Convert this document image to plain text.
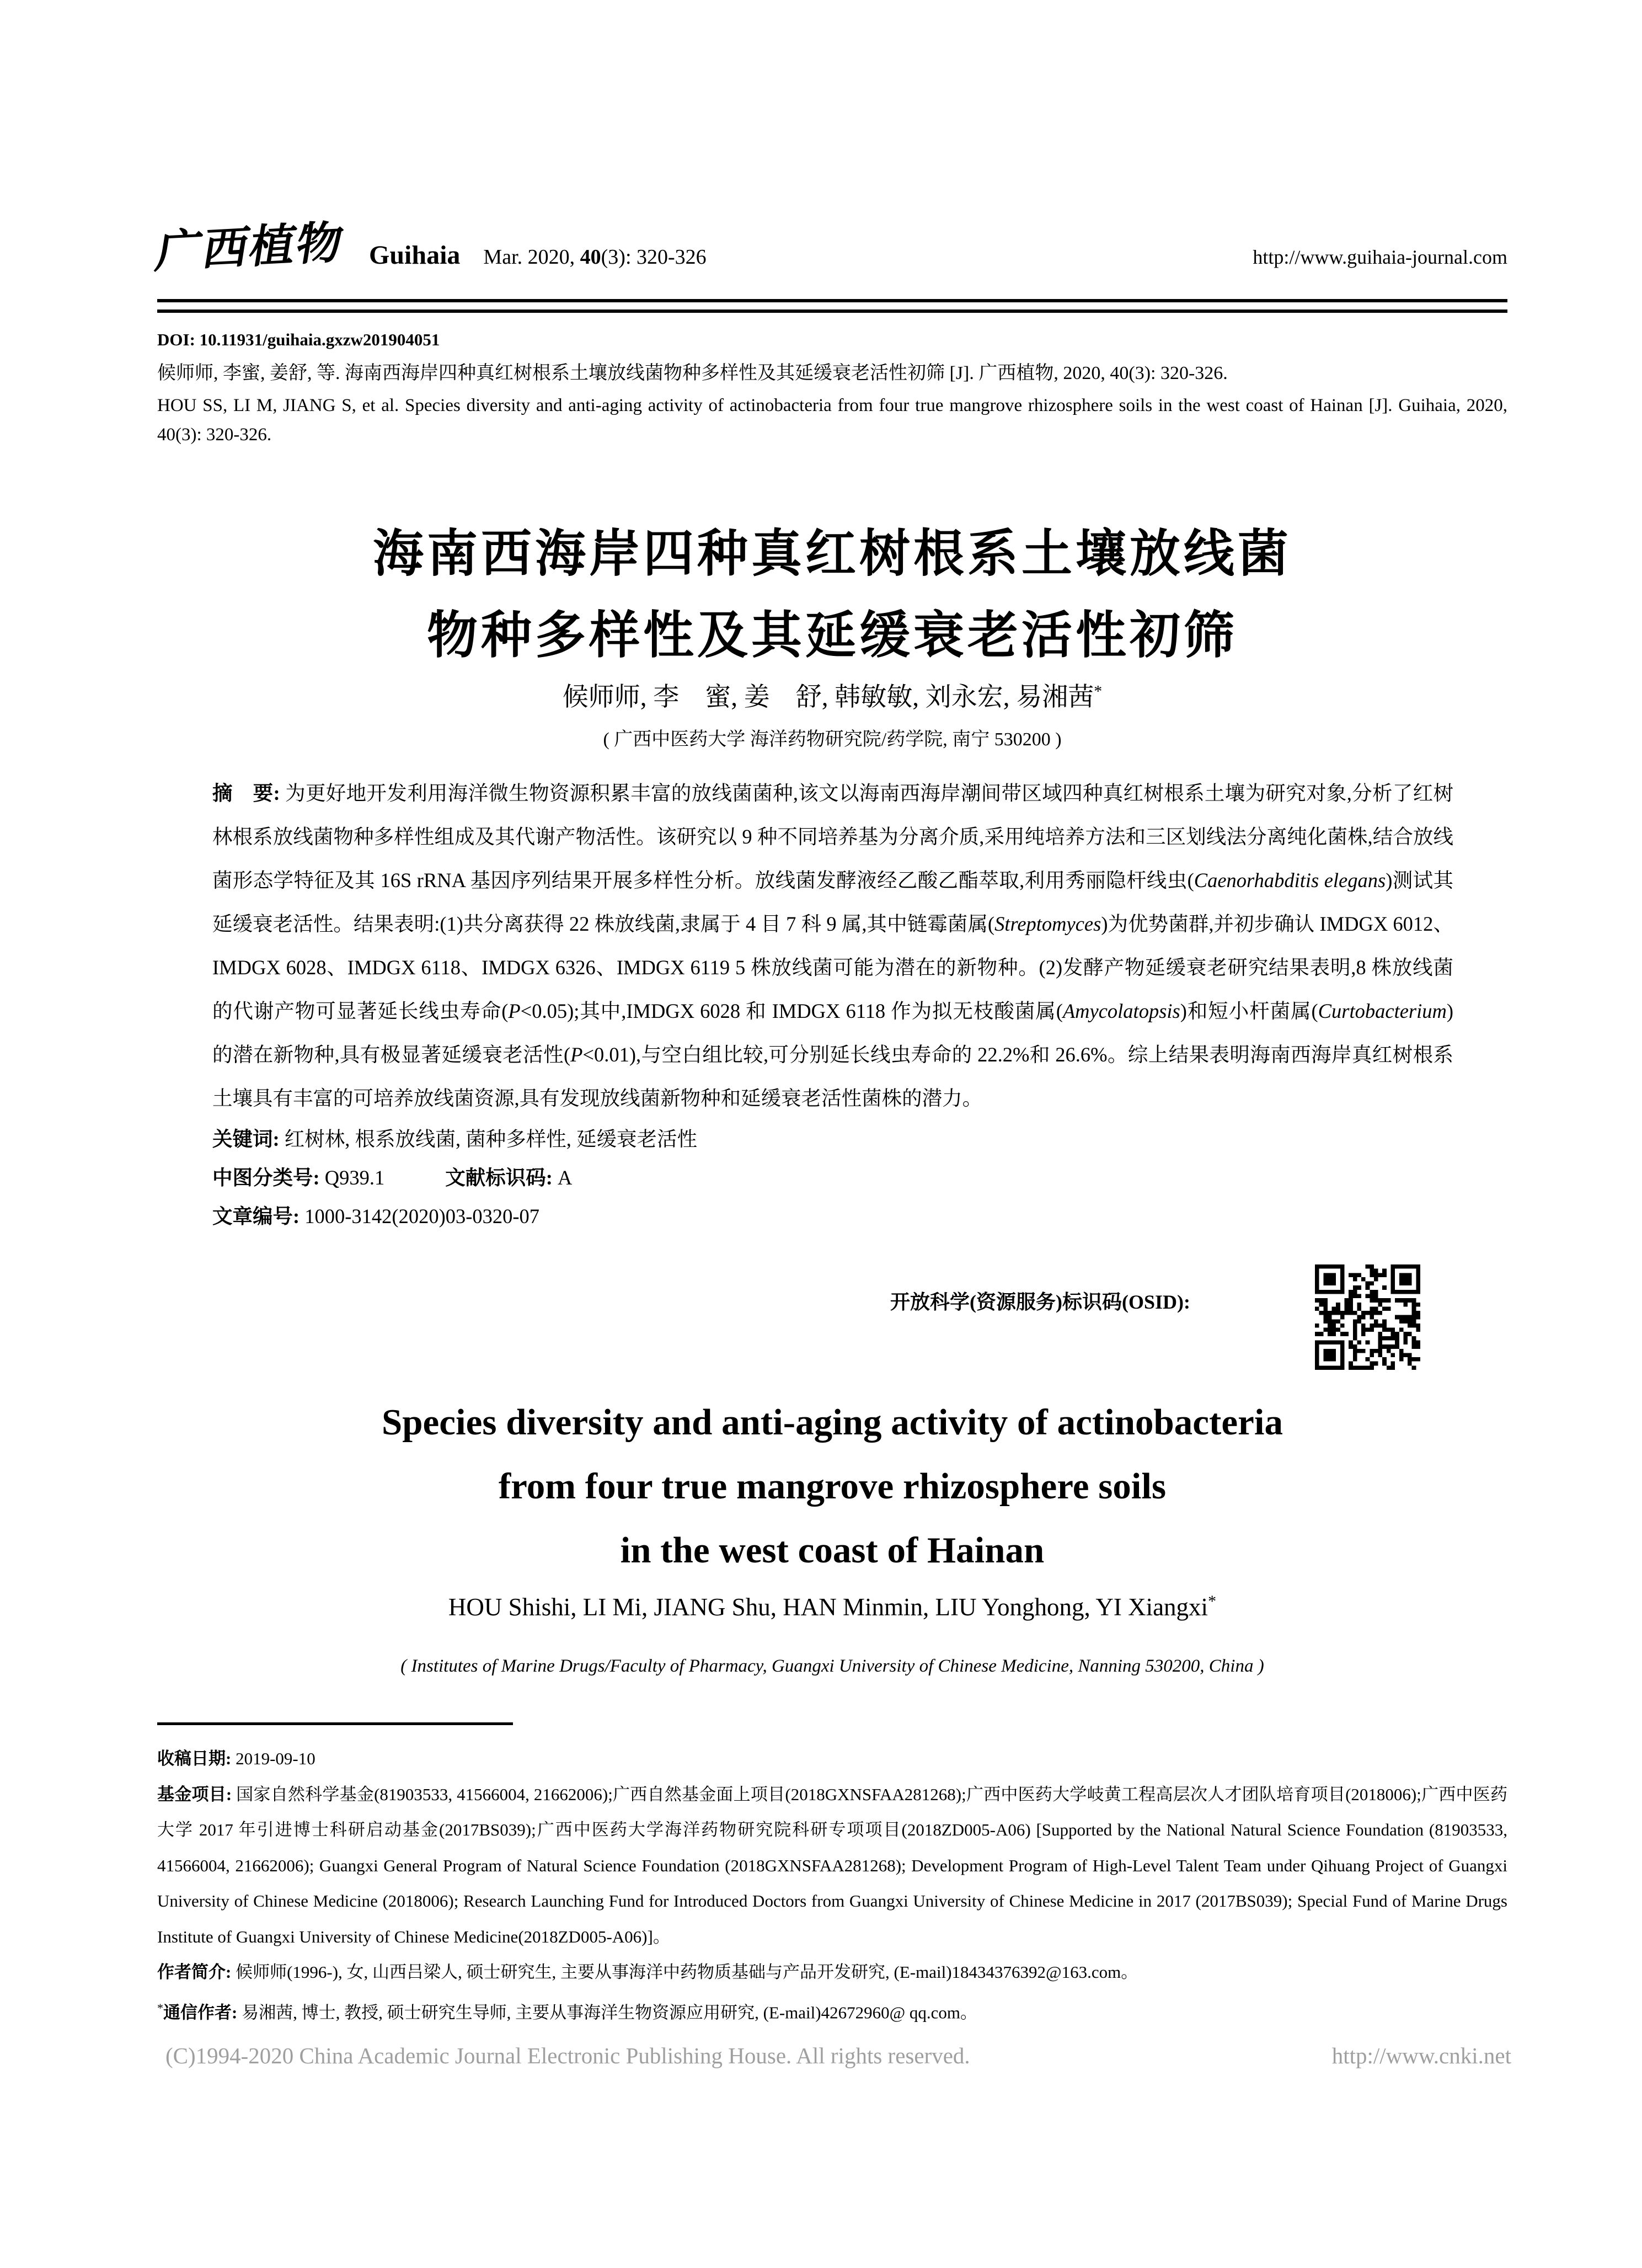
广西植物 Guihaia Mar. 2020, 40(3): 320-326	http://www.guihaia-journal.com

DOI: 10.11931/guihaia.gxzw201904051

候师师, 李蜜, 姜舒, 等. 海南西海岸四种真红树根系土壤放线菌物种多样性及其延缓衰老活性初筛 [J]. 广西植物, 2020, 40(3): 320-326.

HOU SS, LI M, JIANG S, et al. Species diversity and anti-aging activity of actinobacteria from four true mangrove rhizosphere soils in the west coast of Hainan [J]. Guihaia, 2020, 40(3): 320-326.

海南西海岸四种真红树根系土壤放线菌
物种多样性及其延缓衰老活性初筛
候师师, 李　蜜, 姜　舒, 韩敏敏, 刘永宏, 易湘茜*
( 广西中医药大学 海洋药物研究院/药学院, 南宁 530200 )

摘　要: 为更好地开发利用海洋微生物资源积累丰富的放线菌菌种,该文以海南西海岸潮间带区域四种真红树根系土壤为研究对象,分析了红树林根系放线菌物种多样性组成及其代谢产物活性。该研究以 9 种不同培养基为分离介质,采用纯培养方法和三区划线法分离纯化菌株,结合放线菌形态学特征及其 16S rRNA 基因序列结果开展多样性分析。放线菌发酵液经乙酸乙酯萃取,利用秀丽隐杆线虫(Caenorhabditis elegans)测试其延缓衰老活性。结果表明:(1)共分离获得 22 株放线菌,隶属于 4 目 7 科 9 属,其中链霉菌属(Streptomyces)为优势菌群,并初步确认 IMDGX 6012、IMDGX 6028、IMDGX 6118、IMDGX 6326、IMDGX 6119 5 株放线菌可能为潜在的新物种。(2)发酵产物延缓衰老研究结果表明,8 株放线菌的代谢产物可显著延长线虫寿命(P<0.05);其中,IMDGX 6028 和 IMDGX 6118 作为拟无枝酸菌属(Amycolatopsis)和短小杆菌属(Curtobacterium)的潜在新物种,具有极显著延缓衰老活性(P<0.01),与空白组比较,可分别延长线虫寿命的 22.2%和 26.6%。综上结果表明海南西海岸真红树根系土壤具有丰富的可培养放线菌资源,具有发现放线菌新物种和延缓衰老活性菌株的潜力。

关键词: 红树林, 根系放线菌, 菌种多样性, 延缓衰老活性

中图分类号: Q939.1	文献标识码: A

文章编号: 1000-3142(2020)03-0320-07

开放科学(资源服务)标识码(OSID):
Species diversity and anti-aging activity of actinobacteria
from four true mangrove rhizosphere soils
in the west coast of Hainan
HOU Shishi, LI Mi, JIANG Shu, HAN Minmin, LIU Yonghong, YI Xiangxi*
( Institutes of Marine Drugs/Faculty of Pharmacy, Guangxi University of Chinese Medicine, Nanning 530200, China )

收稿日期: 2019-09-10

基金项目: 国家自然科学基金(81903533, 41566004, 21662006);广西自然基金面上项目(2018GXNSFAA281268);广西中医药大学岐黄工程高层次人才团队培育项目(2018006);广西中医药大学 2017 年引进博士科研启动基金(2017BS039);广西中医药大学海洋药物研究院科研专项项目(2018ZD005-A06) [Supported by the National Natural Science Foundation (81903533, 41566004, 21662006); Guangxi General Program of Natural Science Foundation (2018GXNSFAA281268); Development Program of High-Level Talent Team under Qihuang Project of Guangxi University of Chinese Medicine (2018006); Research Launching Fund for Introduced Doctors from Guangxi University of Chinese Medicine in 2017 (2017BS039); Special Fund of Marine Drugs Institute of Guangxi University of Chinese Medicine(2018ZD005-A06)]。

作者简介: 候师师(1996-), 女, 山西吕梁人, 硕士研究生, 主要从事海洋中药物质基础与产品开发研究, (E-mail)18434376392@163.com。

*通信作者: 易湘茜, 博士, 教授, 硕士研究生导师, 主要从事海洋生物资源应用研究, (E-mail)42672960@ qq.com。

(C)1994-2020 China Academic Journal Electronic Publishing House. All rights reserved.	http://www.cnki.net
